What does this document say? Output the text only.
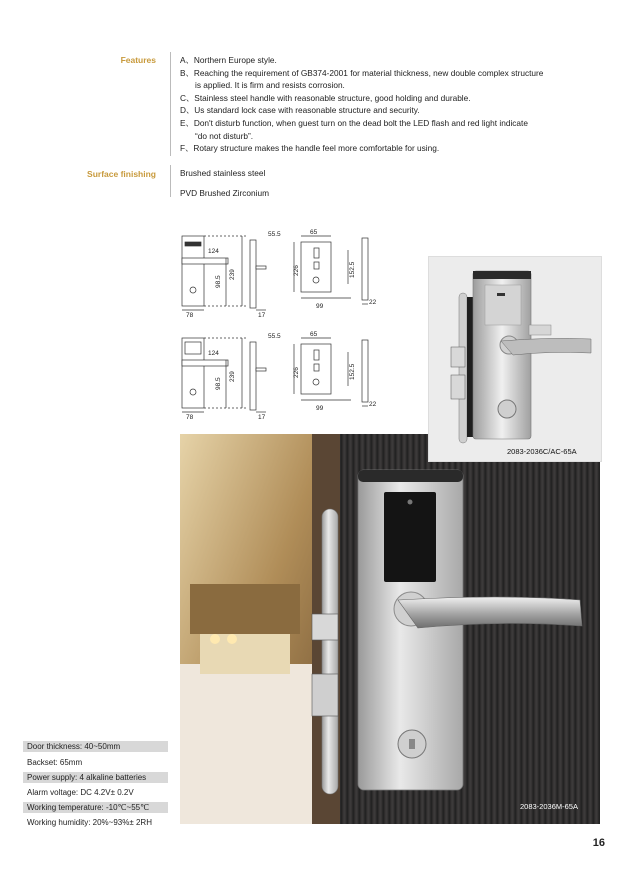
Features	A、Northern Europe style.
B、Reaching the requirement of GB374-2001 for material thickness, new double complex structure
is applied. It is firm and resists corrosion.
C、Stainless steel handle with reasonable structure, good holding and durable.
D、Us standard lock case with reasonable structure and security.
E、Don't disturb function, when guest turn on the dead bolt the LED flash and red light indicate
“do not disturb”.
F、Rotary structure makes the handle feel more comfortable for using.
Surface finishing	Brushed stainless steel
PVD Brushed Zirconium
124
239
98.5
78
55.5
17
65
226	152.5
99
22
124
239
98.5
78
55.5
17
65
226	152.5
99
22
2083-2036M-65A
2083-2036C/AC-65A
Door thickness: 40~50mm
Backset: 65mm
Power supply: 4 alkaline batteries
Alarm voltage: DC 4.2V± 0.2V
Working temperature: -10℃~55℃
Working humidity: 20%~93%± 2RH
16
